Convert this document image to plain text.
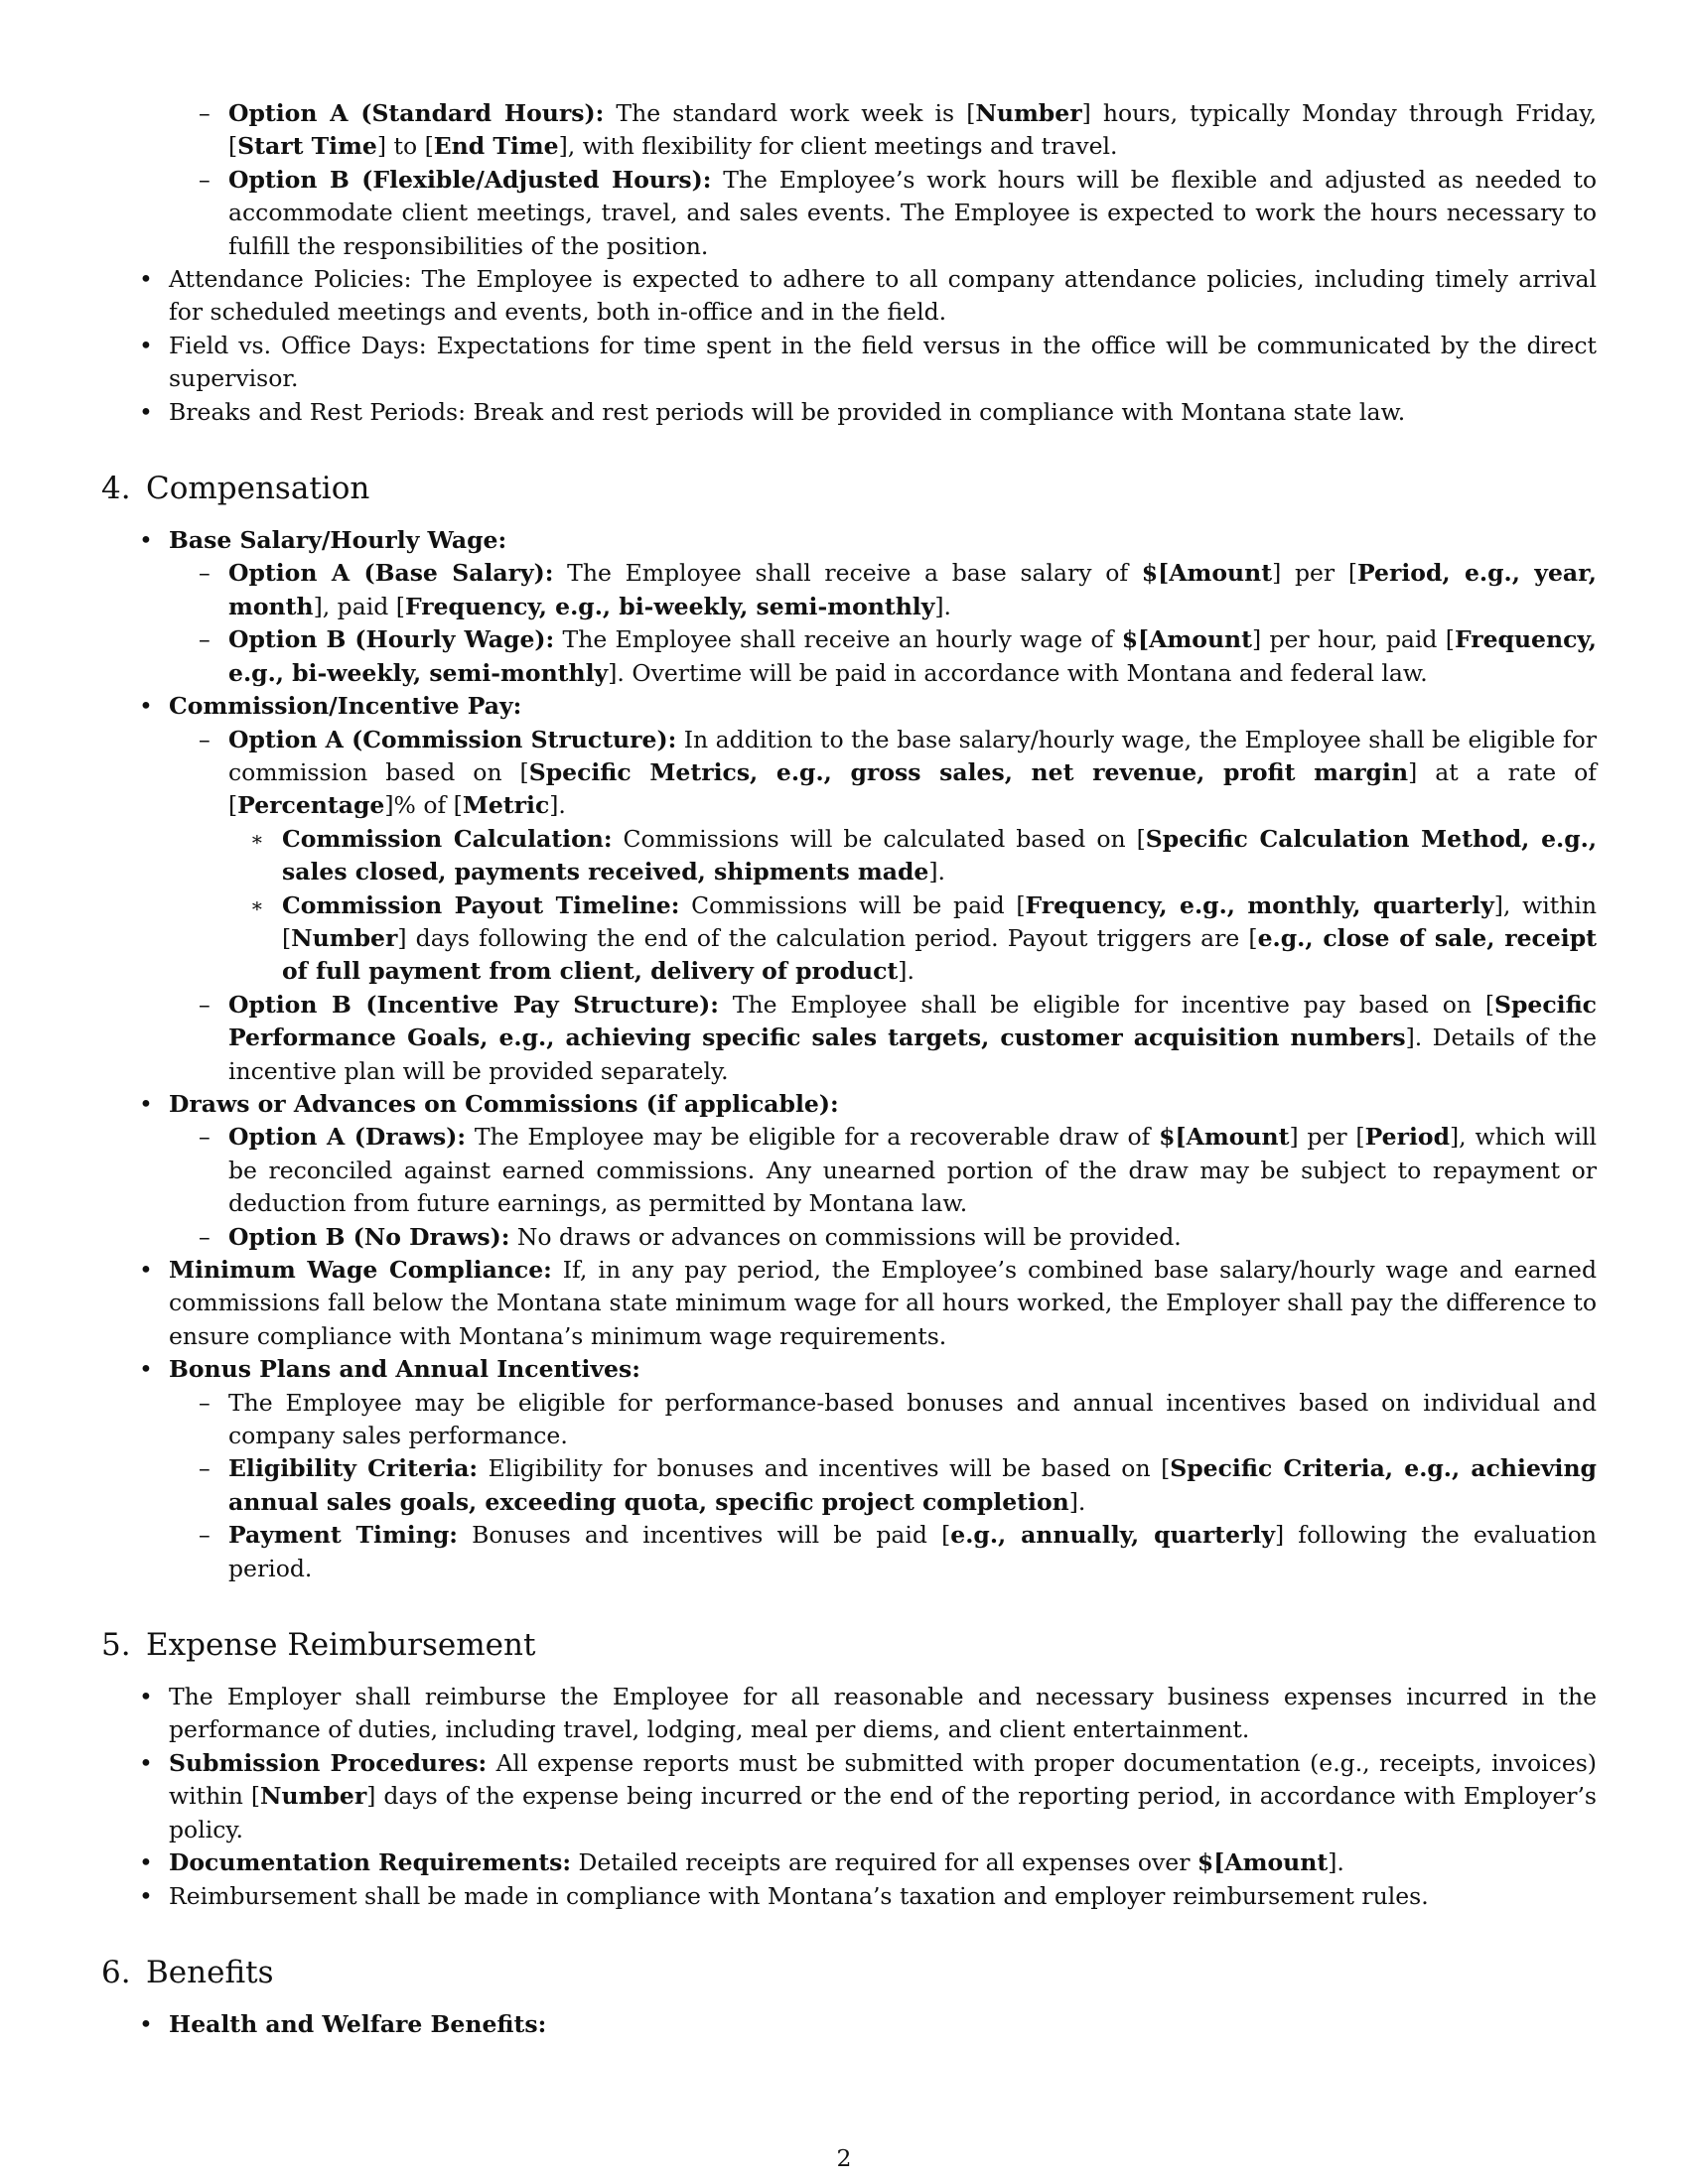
– Option A (Standard Hours): The standard work week is [Number] hours, typically Monday through Friday, [Start Time] to [End Time], with flexibility for client meetings and travel.
– Option B (Flexible/Adjusted Hours): The Employee’s work hours will be flexible and adjusted as needed to accommodate client meetings, travel, and sales events. The Employee is expected to work the hours necessary to fulfill the responsibilities of the position.
• Attendance Policies: The Employee is expected to adhere to all company attendance policies, including timely arrival for scheduled meetings and events, both in-office and in the field.
• Field vs. Office Days: Expectations for time spent in the field versus in the office will be communicated by the direct supervisor.
• Breaks and Rest Periods: Break and rest periods will be provided in compliance with Montana state law.
4. Compensation
• Base Salary/Hourly Wage:
– Option A (Base Salary): The Employee shall receive a base salary of $[Amount] per [Period, e.g., year, month], paid [Frequency, e.g., bi-weekly, semi-monthly].
– Option B (Hourly Wage): The Employee shall receive an hourly wage of $[Amount] per hour, paid [Frequency, e.g., bi-weekly, semi-monthly]. Overtime will be paid in accordance with Montana and federal law.
• Commission/Incentive Pay:
– Option A (Commission Structure): In addition to the base salary/hourly wage, the Employee shall be eligible for commission based on [Specific Metrics, e.g., gross sales, net revenue, profit margin] at a rate of [Percentage]% of [Metric].
∗ Commission Calculation: Commissions will be calculated based on [Specific Calculation Method, e.g., sales closed, payments received, shipments made].
∗ Commission Payout Timeline: Commissions will be paid [Frequency, e.g., monthly, quarterly], within [Number] days following the end of the calculation period. Payout triggers are [e.g., close of sale, receipt of full payment from client, delivery of product].
– Option B (Incentive Pay Structure): The Employee shall be eligible for incentive pay based on [Specific Performance Goals, e.g., achieving specific sales targets, customer acquisition numbers]. Details of the incentive plan will be provided separately.
• Draws or Advances on Commissions (if applicable):
– Option A (Draws): The Employee may be eligible for a recoverable draw of $[Amount] per [Period], which will be reconciled against earned commissions. Any unearned portion of the draw may be subject to repayment or deduction from future earnings, as permitted by Montana law.
– Option B (No Draws): No draws or advances on commissions will be provided.
• Minimum Wage Compliance: If, in any pay period, the Employee’s combined base salary/hourly wage and earned commissions fall below the Montana state minimum wage for all hours worked, the Employer shall pay the difference to ensure compliance with Montana’s minimum wage requirements.
• Bonus Plans and Annual Incentives:
– The Employee may be eligible for performance-based bonuses and annual incentives based on individual and company sales performance.
– Eligibility Criteria: Eligibility for bonuses and incentives will be based on [Specific Criteria, e.g., achieving annual sales goals, exceeding quota, specific project completion].
– Payment Timing: Bonuses and incentives will be paid [e.g., annually, quarterly] following the evaluation period.
5. Expense Reimbursement
• The Employer shall reimburse the Employee for all reasonable and necessary business expenses incurred in the performance of duties, including travel, lodging, meal per diems, and client entertainment.
• Submission Procedures: All expense reports must be submitted with proper documentation (e.g., receipts, invoices) within [Number] days of the expense being incurred or the end of the reporting period, in accordance with Employer’s policy.
• Documentation Requirements: Detailed receipts are required for all expenses over $[Amount].
• Reimbursement shall be made in compliance with Montana’s taxation and employer reimbursement rules.
6. Benefits
• Health and Welfare Benefits:
2
